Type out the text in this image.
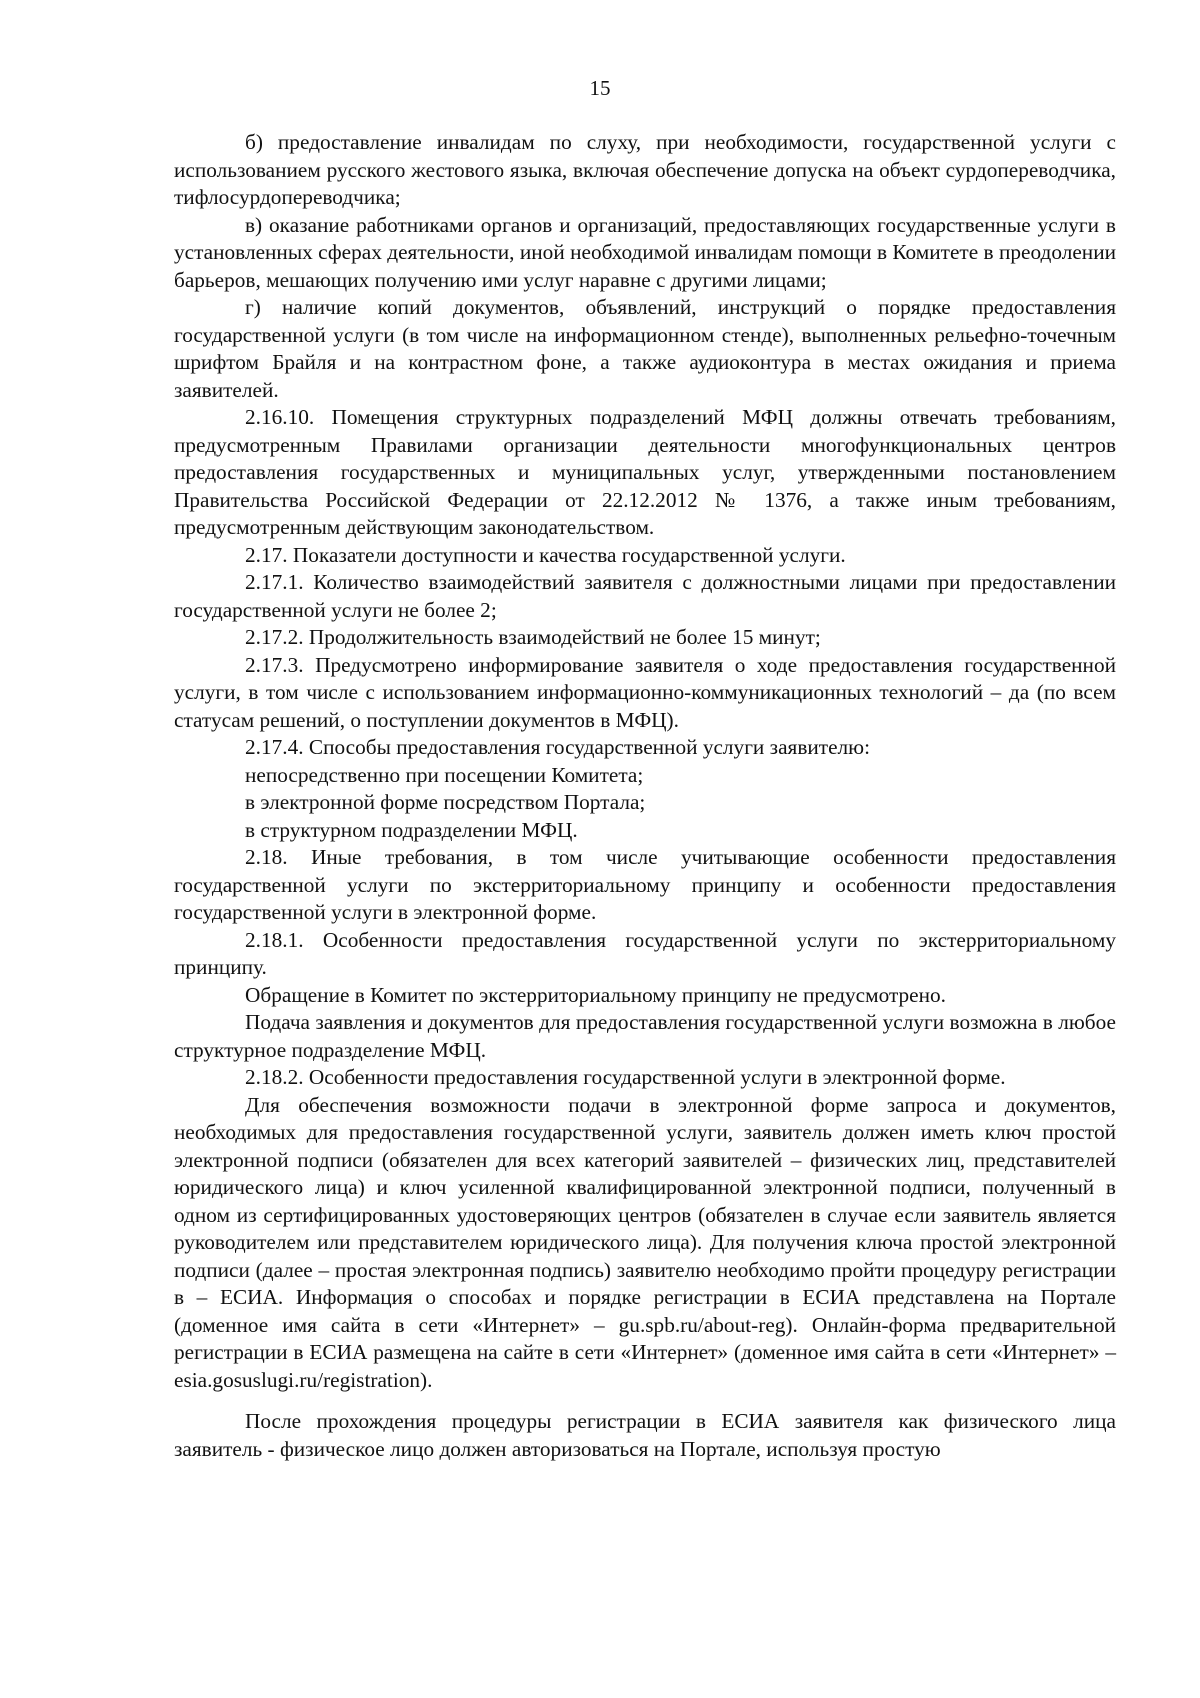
15

б) предоставление инвалидам по слуху, при необходимости, государственной услуги с использованием русского жестового языка, включая обеспечение допуска на объект сурдопереводчика, тифлосурдопереводчика;

в) оказание работниками органов и организаций, предоставляющих государственные услуги в установленных сферах деятельности, иной необходимой инвалидам помощи в Комитете в преодолении барьеров, мешающих получению ими услуг наравне с другими лицами;

г) наличие копий документов, объявлений, инструкций о порядке предоставления государственной услуги (в том числе на информационном стенде), выполненных рельефно-точечным шрифтом Брайля и на контрастном фоне, а также аудиоконтура в местах ожидания и приема заявителей.

2.16.10. Помещения структурных подразделений МФЦ должны отвечать требованиям, предусмотренным Правилами организации деятельности многофункциональных центров предоставления государственных и муниципальных услуг, утвержденными постановлением Правительства Российской Федерации от 22.12.2012 № 1376, а также иным требованиям, предусмотренным действующим законодательством.

2.17. Показатели доступности и качества государственной услуги.

2.17.1. Количество взаимодействий заявителя с должностными лицами при предоставлении государственной услуги не более 2;

2.17.2. Продолжительность взаимодействий не более 15 минут;

2.17.3. Предусмотрено информирование заявителя о ходе предоставления государственной услуги, в том числе с использованием информационно-коммуникационных технологий – да (по всем статусам решений, о поступлении документов в МФЦ).

2.17.4. Способы предоставления государственной услуги заявителю:

непосредственно при посещении Комитета;

в электронной форме посредством Портала;

в структурном подразделении МФЦ.

2.18. Иные требования, в том числе учитывающие особенности предоставления государственной услуги по экстерриториальному принципу и особенности предоставления государственной услуги в электронной форме.

2.18.1. Особенности предоставления государственной услуги по экстерриториальному принципу.

Обращение в Комитет по экстерриториальному принципу не предусмотрено.

Подача заявления и документов для предоставления государственной услуги возможна в любое структурное подразделение МФЦ.

2.18.2. Особенности предоставления государственной услуги в электронной форме.

Для обеспечения возможности подачи в электронной форме запроса и документов, необходимых для предоставления государственной услуги, заявитель должен иметь ключ простой электронной подписи (обязателен для всех категорий заявителей – физических лиц, представителей юридического лица) и ключ усиленной квалифицированной электронной подписи, полученный в одном из сертифицированных удостоверяющих центров (обязателен в случае если заявитель является руководителем или представителем юридического лица). Для получения ключа простой электронной подписи (далее – простая электронная подпись) заявителю необходимо пройти процедуру регистрации в – ЕСИА. Информация о способах и порядке регистрации в ЕСИА представлена на Портале (доменное имя сайта в сети «Интернет» – gu.spb.ru/about-reg). Онлайн-форма предварительной регистрации в ЕСИА размещена на сайте в сети «Интернет» (доменное имя сайта в сети «Интернет» – esia.gosuslugi.ru/registration).

После прохождения процедуры регистрации в ЕСИА заявителя как физического лица заявитель - физическое лицо должен авторизоваться на Портале, используя простую
